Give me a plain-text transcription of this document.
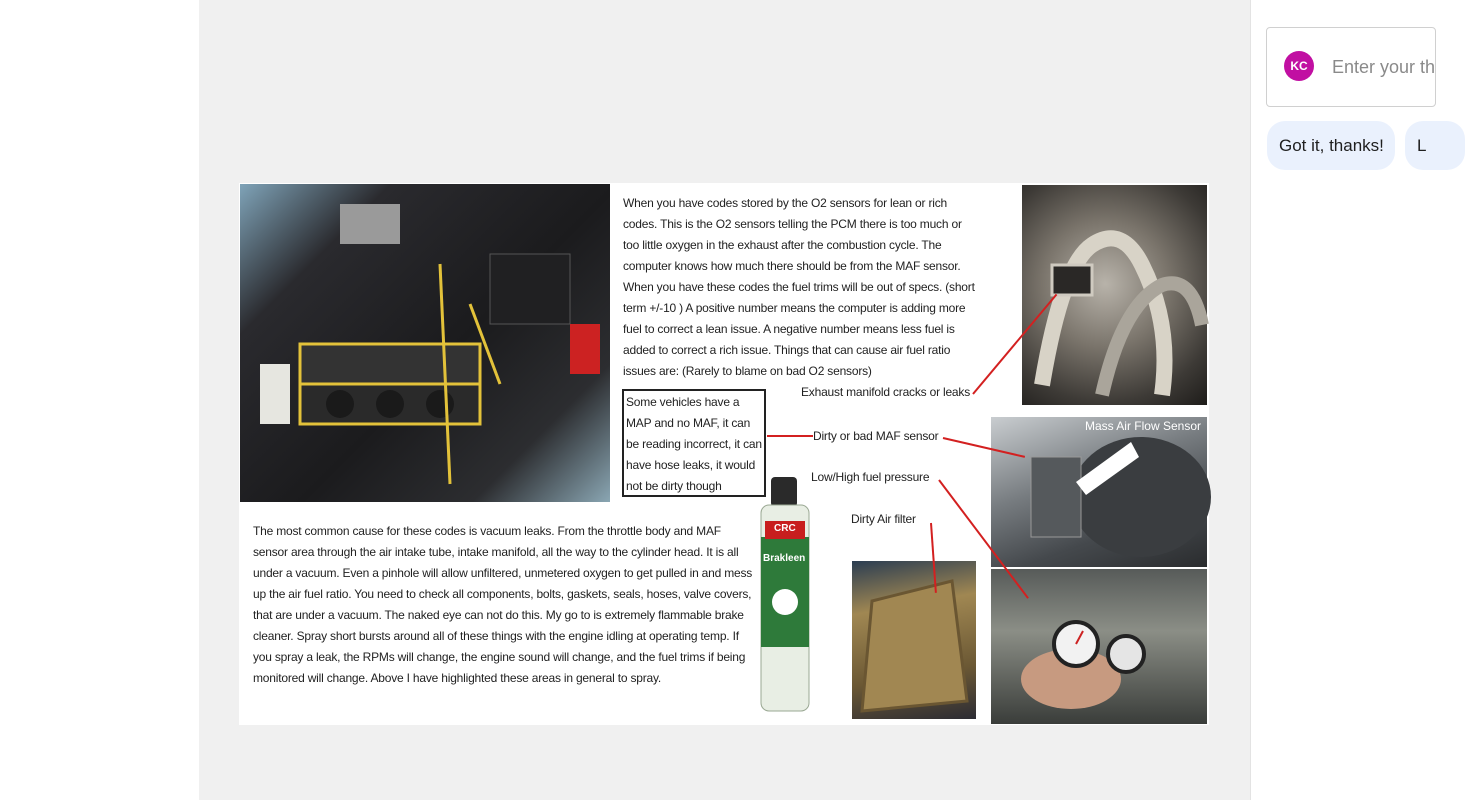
When you have codes stored by the O2 sensors for lean or rich codes. This is the O2 sensors telling the PCM there is too much or too little oxygen in the exhaust after the combustion cycle. The computer knows how much there should be from the MAF sensor. When you have these codes the fuel trims will be out of specs. (short term +/-10 ) A positive number means the computer is adding more fuel to correct a lean issue. A negative number means less fuel is added to correct a rich issue. Things that can cause air fuel ratio issues are: (Rarely to blame on bad O2 sensors)
Some vehicles have a MAP and no MAF, it can be reading incorrect, it can have hose leaks, it would not be dirty though
Exhaust manifold cracks or leaks
Mass Air Flow Sensor
Dirty or bad MAF sensor
Low/High fuel pressure
Dirty Air filter
CRC
Brakleen
The most common cause for these codes is vacuum leaks. From the throttle body and MAF sensor area through the air intake tube, intake manifold, all the way to the cylinder head. It is all under a vacuum. Even a pinhole will allow unfiltered, unmetered oxygen to get pulled in and mess up the air fuel ratio. You need to check all components, bolts, gaskets, seals, hoses, valve covers, that are under a vacuum. The naked eye can not do this. My go to is extremely flammable brake cleaner. Spray short bursts around all of these things with the engine idling at operating temp. If you spray a leak, the RPMs will change, the engine sound will change, and the fuel trims if being monitored will change. Above I have highlighted these areas in general to spray.
KC
Enter your th
Got it, thanks!	L
